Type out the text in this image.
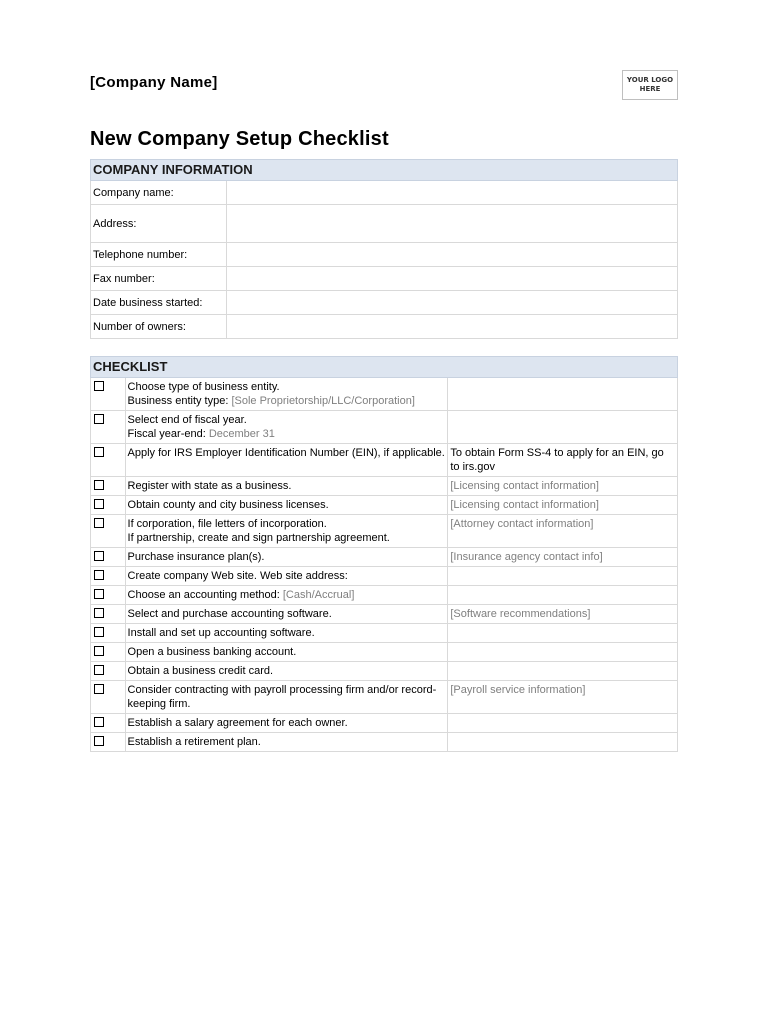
[Company Name]	YOUR LOGO HERE
New Company Setup Checklist
COMPANY INFORMATION	
Company name:	
Address:	
Telephone number:	
Fax number:	
Date business started:	
Number of owners:	
CHECKLIST		

	Choose type of business entity.
Business entity type: [Sole Proprietorship/LLC/Corporation]	

	Select end of fiscal year.
Fiscal year-end: December 31	

	Apply for IRS Employer Identification Number (EIN), if applicable.	To obtain Form SS-4 to apply for an EIN, go to irs.gov

	Register with state as a business.	[Licensing contact information]

	Obtain county and city business licenses.	[Licensing contact information]

	If corporation, file letters of incorporation.
If partnership, create and sign partnership agreement.	[Attorney contact information]

	Purchase insurance plan(s).	[Insurance agency contact info]

	Create company Web site. Web site address:	

	Choose an accounting method: [Cash/Accrual]	

	Select and purchase accounting software.	[Software recommendations]

	Install and set up accounting software.	

	Open a business banking account.	

	Obtain a business credit card.	

	Consider contracting with payroll processing firm and/or record-keeping firm.	[Payroll service information]

	Establish a salary agreement for each owner.	

	Establish a retirement plan.	
